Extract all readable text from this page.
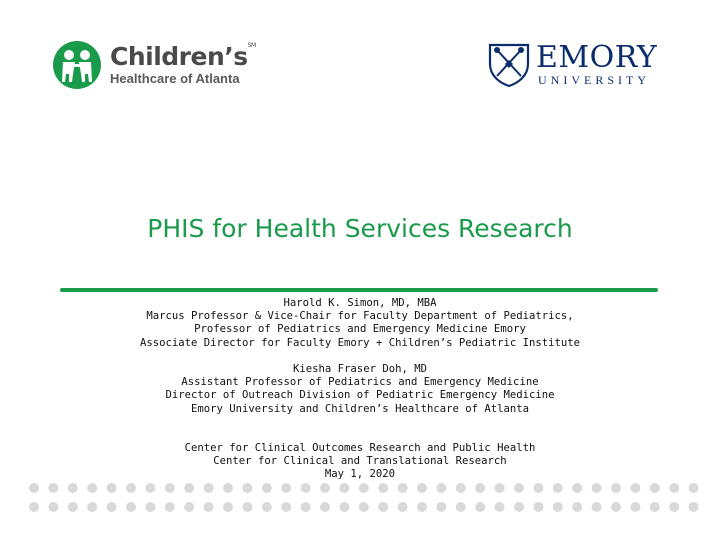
Children’s℠
Healthcare of Atlanta
EMORY
UNIVERSITY
PHIS for Health Services Research
Harold K. Simon, MD, MBA
Marcus Professor & Vice-Chair for Faculty Department of Pediatrics,
Professor of Pediatrics and Emergency Medicine Emory
Associate Director for Faculty Emory + Children’s Pediatric Institute
Kiesha Fraser Doh, MD
Assistant Professor of Pediatrics and Emergency Medicine
Director of Outreach Division of Pediatric Emergency Medicine
Emory University and Children’s Healthcare of Atlanta
Center for Clinical Outcomes Research and Public Health
Center for Clinical and Translational Research
May 1, 2020
